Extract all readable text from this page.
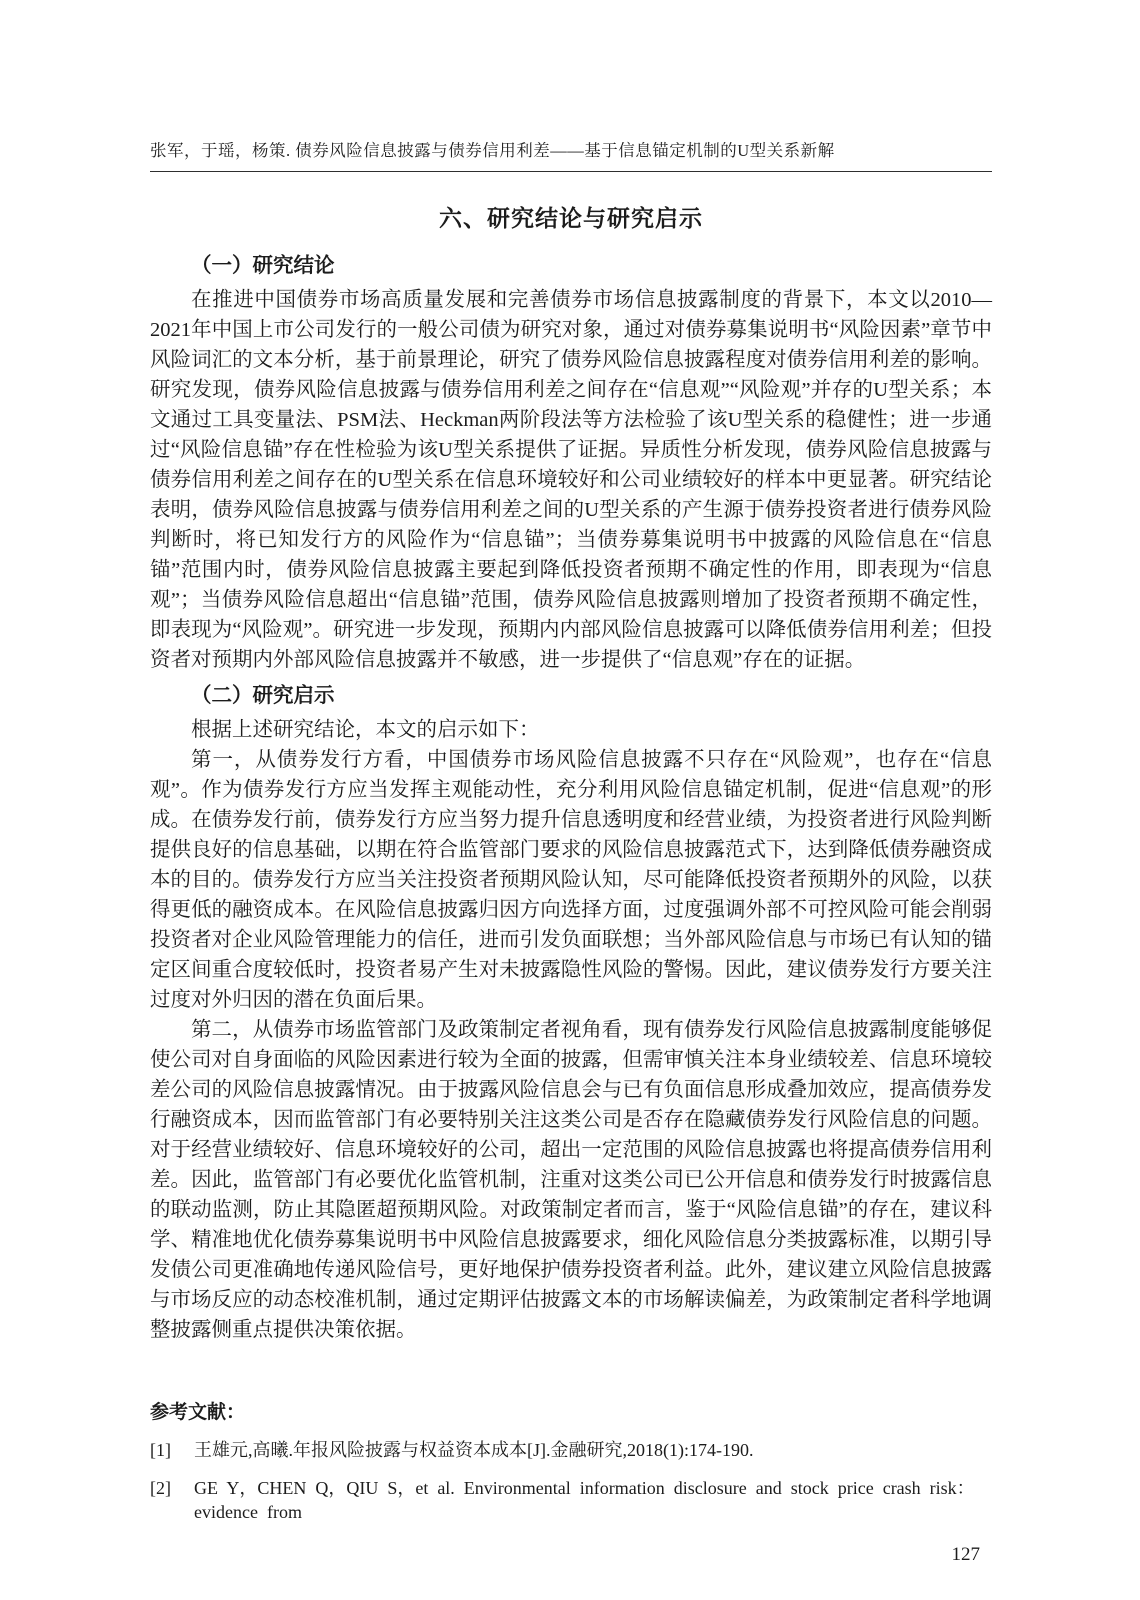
张军，于瑶，杨策. 债券风险信息披露与债券信用利差——基于信息锚定机制的U型关系新解
六、研究结论与研究启示
（一）研究结论

在推进中国债券市场高质量发展和完善债券市场信息披露制度的背景下，本文以2010—2021年中国上市公司发行的一般公司债为研究对象，通过对债券募集说明书“风险因素”章节中风险词汇的文本分析，基于前景理论，研究了债券风险信息披露程度对债券信用利差的影响。研究发现，债券风险信息披露与债券信用利差之间存在“信息观”“风险观”并存的U型关系；本文通过工具变量法、PSM法、Heckman两阶段法等方法检验了该U型关系的稳健性；进一步通过“风险信息锚”存在性检验为该U型关系提供了证据。异质性分析发现，债券风险信息披露与债券信用利差之间存在的U型关系在信息环境较好和公司业绩较好的样本中更显著。研究结论表明，债券风险信息披露与债券信用利差之间的U型关系的产生源于债券投资者进行债券风险判断时，将已知发行方的风险作为“信息锚”；当债券募集说明书中披露的风险信息在“信息锚”范围内时，债券风险信息披露主要起到降低投资者预期不确定性的作用，即表现为“信息观”；当债券风险信息超出“信息锚”范围，债券风险信息披露则增加了投资者预期不确定性，即表现为“风险观”。研究进一步发现，预期内内部风险信息披露可以降低债券信用利差；但投资者对预期内外部风险信息披露并不敏感，进一步提供了“信息观”存在的证据。

（二）研究启示

根据上述研究结论，本文的启示如下：

第一，从债券发行方看，中国债券市场风险信息披露不只存在“风险观”，也存在“信息观”。作为债券发行方应当发挥主观能动性，充分利用风险信息锚定机制，促进“信息观”的形成。在债券发行前，债券发行方应当努力提升信息透明度和经营业绩，为投资者进行风险判断提供良好的信息基础，以期在符合监管部门要求的风险信息披露范式下，达到降低债券融资成本的目的。债券发行方应当关注投资者预期风险认知，尽可能降低投资者预期外的风险，以获得更低的融资成本。在风险信息披露归因方向选择方面，过度强调外部不可控风险可能会削弱投资者对企业风险管理能力的信任，进而引发负面联想；当外部风险信息与市场已有认知的锚定区间重合度较低时，投资者易产生对未披露隐性风险的警惕。因此，建议债券发行方要关注过度对外归因的潜在负面后果。

第二，从债券市场监管部门及政策制定者视角看，现有债券发行风险信息披露制度能够促使公司对自身面临的风险因素进行较为全面的披露，但需审慎关注本身业绩较差、信息环境较差公司的风险信息披露情况。由于披露风险信息会与已有负面信息形成叠加效应，提高债券发行融资成本，因而监管部门有必要特别关注这类公司是否存在隐藏债券发行风险信息的问题。对于经营业绩较好、信息环境较好的公司，超出一定范围的风险信息披露也将提高债券信用利差。因此，监管部门有必要优化监管机制，注重对这类公司已公开信息和债券发行时披露信息的联动监测，防止其隐匿超预期风险。对政策制定者而言，鉴于“风险信息锚”的存在，建议科学、精准地优化债券募集说明书中风险信息披露要求，细化风险信息分类披露标准，以期引导发债公司更准确地传递风险信号，更好地保护债券投资者利益。此外，建议建立风险信息披露与市场反应的动态校准机制，通过定期评估披露文本的市场解读偏差，为政策制定者科学地调整披露侧重点提供决策依据。

参考文献：
[1]	王雄元,高曦.年报风险披露与权益资本成本[J].金融研究,2018(1):174-190.
[2]	GE Y，CHEN Q，QIU S，et al. Environmental information disclosure and stock price crash risk：evidence from
127
